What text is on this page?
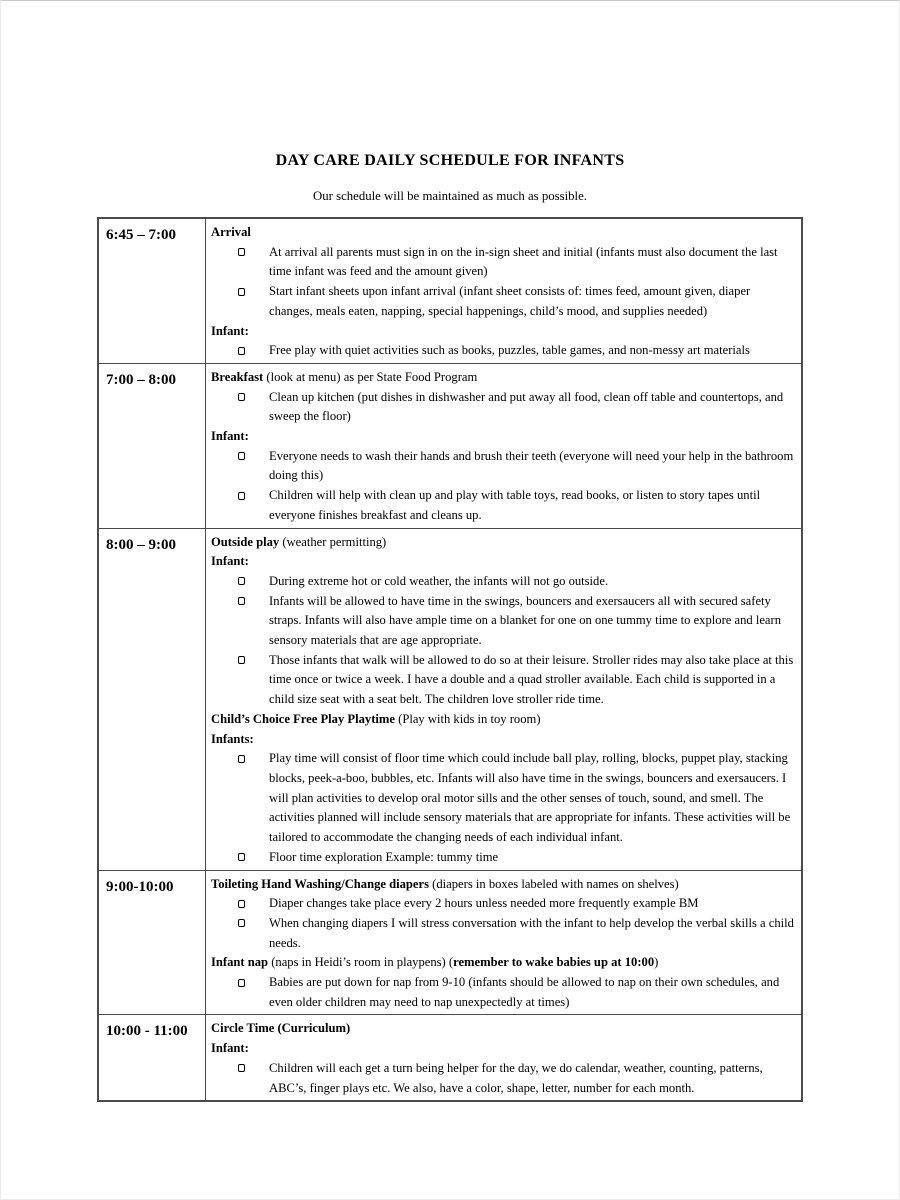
DAY CARE DAILY SCHEDULE FOR INFANTS

Our schedule will be maintained as much as possible.

6:45 – 7:00	Arrival

At arrival all parents must sign in on the in-sign sheet and initial (infants must also document the last time infant was feed and the amount given)

Start infant sheets upon infant arrival (infant sheet consists of: times feed, amount given, diaper changes, meals eaten, napping, special happenings, child’s mood, and supplies needed)

Infant:

Free play with quiet activities such as books, puzzles, table games, and non-messy art materials

7:00 – 8:00	Breakfast (look at menu) as per State Food Program

Clean up kitchen (put dishes in dishwasher and put away all food, clean off table and countertops, and sweep the floor)

Infant:

Everyone needs to wash their hands and brush their teeth (everyone will need your help in the bathroom doing this)

Children will help with clean up and play with table toys, read books, or listen to story tapes until everyone finishes breakfast and cleans up.

8:00 – 9:00	Outside play (weather permitting)

Infant:

During extreme hot or cold weather, the infants will not go outside.

Infants will be allowed to have time in the swings, bouncers and exersaucers all with secured safety straps. Infants will also have ample time on a blanket for one on one tummy time to explore and learn sensory materials that are age appropriate.

Those infants that walk will be allowed to do so at their leisure. Stroller rides may also take place at this time once or twice a week. I have a double and a quad stroller available. Each child is supported in a child size seat with a seat belt. The children love stroller ride time.

Child’s Choice Free Play Playtime (Play with kids in toy room)

Infants:

Play time will consist of floor time which could include ball play, rolling, blocks, puppet play, stacking blocks, peek-a-boo, bubbles, etc. Infants will also have time in the swings, bouncers and exersaucers. I will plan activities to develop oral motor sills and the other senses of touch, sound, and smell. The activities planned will include sensory materials that are appropriate for infants. These activities will be tailored to accommodate the changing needs of each individual infant.

Floor time exploration Example: tummy time

9:00-10:00	Toileting Hand Washing/Change diapers (diapers in boxes labeled with names on shelves)

Diaper changes take place every 2 hours unless needed more frequently example BM

When changing diapers I will stress conversation with the infant to help develop the verbal skills a child needs.

Infant nap (naps in Heidi’s room in playpens) (remember to wake babies up at 10:00)

Babies are put down for nap from 9-10 (infants should be allowed to nap on their own schedules, and even older children may need to nap unexpectedly at times)

10:00 - 11:00	Circle Time (Curriculum)

Infant:

Children will each get a turn being helper for the day, we do calendar, weather, counting, patterns, ABC’s, finger plays etc. We also, have a color, shape, letter, number for each month.
